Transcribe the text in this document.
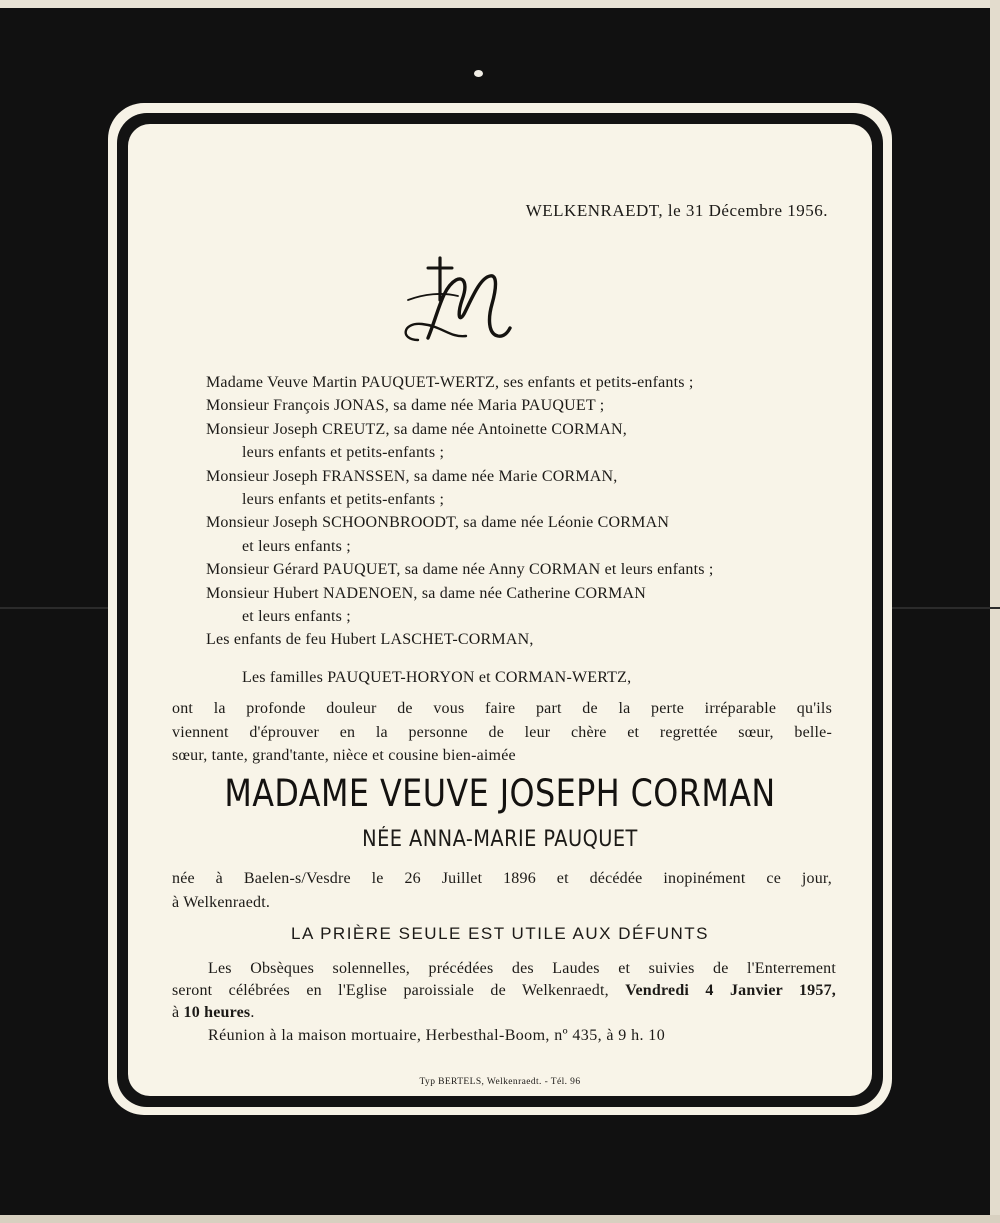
WELKENRAEDT, le 31 Décembre 1956.
Madame Veuve Martin PAUQUET-WERTZ, ses enfants et petits-enfants ;
Monsieur François JONAS, sa dame née Maria PAUQUET ;
Monsieur Joseph CREUTZ, sa dame née Antoinette CORMAN,
leurs enfants et petits-enfants ;
Monsieur Joseph FRANSSEN, sa dame née Marie CORMAN,
leurs enfants et petits-enfants ;
Monsieur Joseph SCHOONBROODT, sa dame née Léonie CORMAN
et leurs enfants ;
Monsieur Gérard PAUQUET, sa dame née Anny CORMAN et leurs enfants ;
Monsieur Hubert NADENOEN, sa dame née Catherine CORMAN
et leurs enfants ;
Les enfants de feu Hubert LASCHET-CORMAN,
Les familles PAUQUET-HORYON et CORMAN-WERTZ,
ont la profonde douleur de vous faire part de la perte irréparable qu'ils
viennent d'éprouver en la personne de leur chère et regrettée sœur, belle-
sœur, tante, grand'tante, nièce et cousine bien-aimée
MADAME VEUVE JOSEPH CORMAN
NÉE ANNA-MARIE PAUQUET
née à Baelen-s/Vesdre le 26 Juillet 1896 et décédée inopinément ce jour,
à Welkenraedt.
LA PRIÈRE SEULE EST UTILE AUX DÉFUNTS
Les Obsèques solennelles, précédées des Laudes et suivies de l'Enterrement
seront célébrées en l'Eglise paroissiale de Welkenraedt, Vendredi 4 Janvier 1957,
à 10 heures.
Réunion à la maison mortuaire, Herbesthal-Boom, nº 435, à 9 h. 10
Typ BERTELS, Welkenraedt. - Tél. 96
